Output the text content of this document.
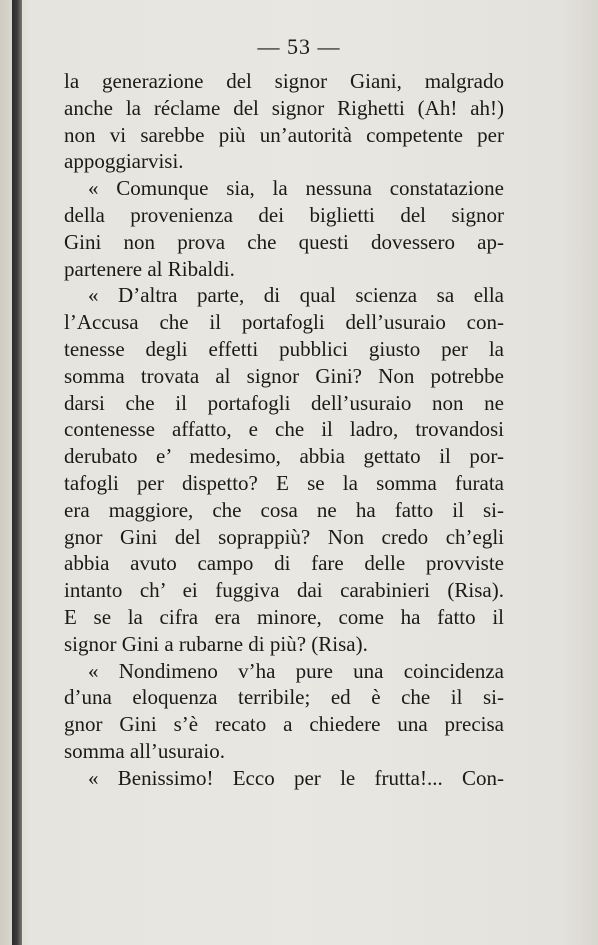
— 53 —
la generazione del signor Giani, malgrado
anche la réclame del signor Righetti (Ah! ah!)
non vi sarebbe più un’autorità competente per
appoggiarvisi.
« Comunque sia, la nessuna constatazione
della provenienza dei biglietti del signor
Gini non prova che questi dovessero ap-
partenere al Ribaldi.
« D’altra parte, di qual scienza sa ella
l’Accusa che il portafogli dell’usuraio con-
tenesse degli effetti pubblici giusto per la
somma trovata al signor Gini? Non potrebbe
darsi che il portafogli dell’usuraio non ne
contenesse affatto, e che il ladro, trovandosi
derubato e’ medesimo, abbia gettato il por-
tafogli per dispetto? E se la somma furata
era maggiore, che cosa ne ha fatto il si-
gnor Gini del soprappiù? Non credo ch’egli
abbia avuto campo di fare delle provviste
intanto ch’ ei fuggiva dai carabinieri (Risa).
E se la cifra era minore, come ha fatto il
signor Gini a rubarne di più? (Risa).
« Nondimeno v’ha pure una coincidenza
d’una eloquenza terribile; ed è che il si-
gnor Gini s’è recato a chiedere una precisa
somma all’usuraio.
« Benissimo! Ecco per le frutta!... Con-
